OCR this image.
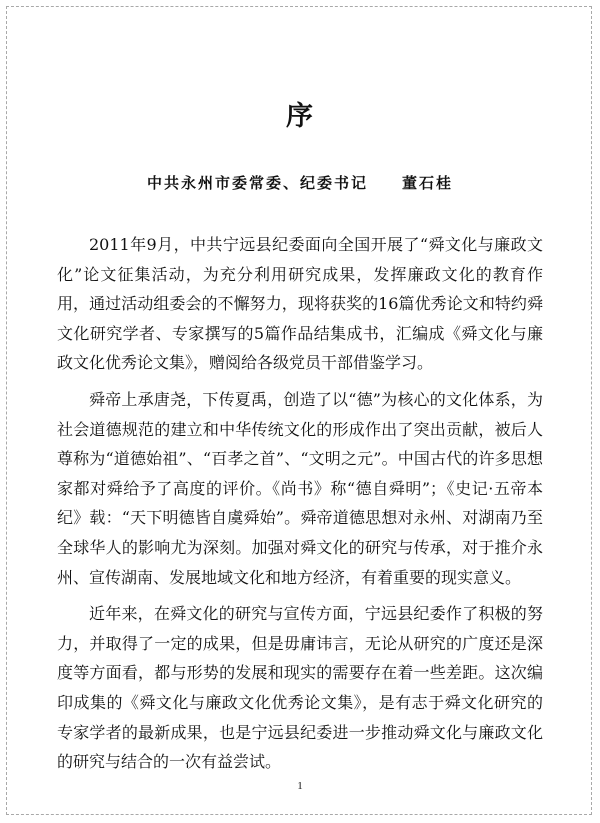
序
中共永州市委常委、纪委书记 董石桂

2011年9月，中共宁远县纪委面向全国开展了“舜文化与廉政文化”论文征集活动，为充分利用研究成果，发挥廉政文化的教育作用，通过活动组委会的不懈努力，现将获奖的16篇优秀论文和特约舜文化研究学者、专家撰写的5篇作品结集成书，汇编成《舜文化与廉政文化优秀论文集》，赠阅给各级党员干部借鉴学习。

舜帝上承唐尧，下传夏禹，创造了以“德”为核心的文化体系，为社会道德规范的建立和中华传统文化的形成作出了突出贡献，被后人尊称为“道德始祖”、“百孝之首”、“文明之元”。中国古代的许多思想家都对舜给予了高度的评价。《尚书》称“德自舜明”；《史记·五帝本纪》载：“天下明德皆自虞舜始”。舜帝道德思想对永州、对湖南乃至全球华人的影响尤为深刻。加强对舜文化的研究与传承，对于推介永州、宣传湖南、发展地域文化和地方经济，有着重要的现实意义。

近年来，在舜文化的研究与宣传方面，宁远县纪委作了积极的努力，并取得了一定的成果，但是毋庸讳言，无论从研究的广度还是深度等方面看，都与形势的发展和现实的需要存在着一些差距。这次编印成集的《舜文化与廉政文化优秀论文集》，是有志于舜文化研究的专家学者的最新成果，也是宁远县纪委进一步推动舜文化与廉政文化的研究与结合的一次有益尝试。

1
